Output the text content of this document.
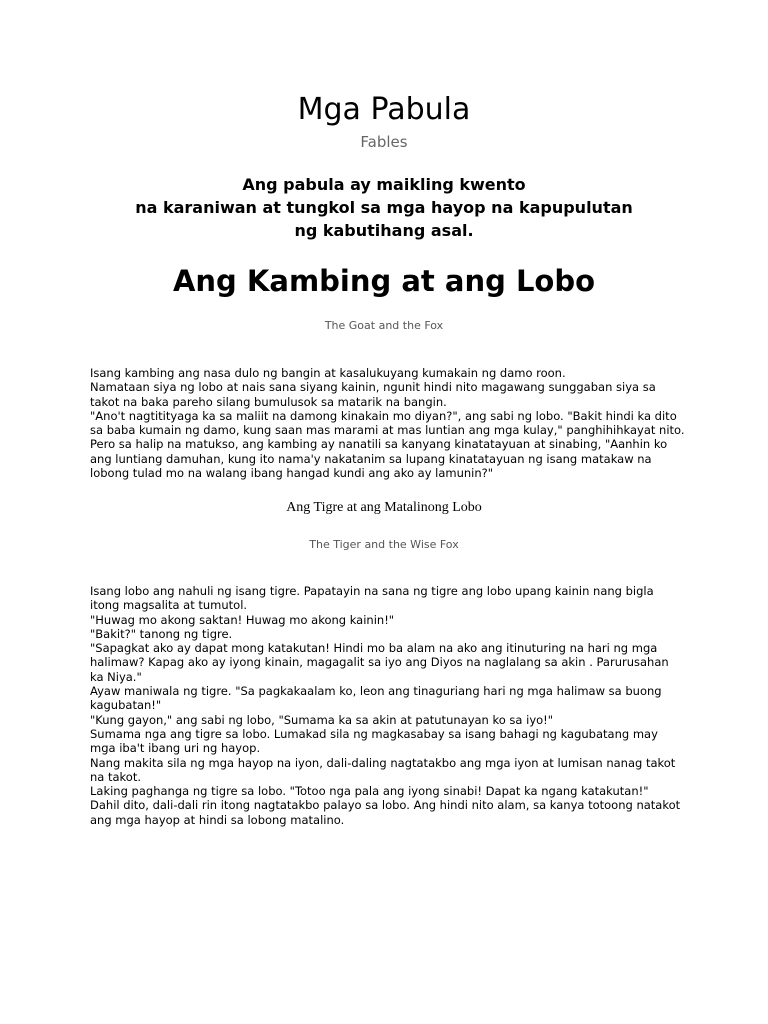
Mga Pabula
Fables
Ang pabula ay maikling kwento
na karaniwan at tungkol sa mga hayop na kapupulutan
ng kabutihang asal.
Ang Kambing at ang Lobo
The Goat and the Fox
Isang kambing ang nasa dulo ng bangin at kasalukuyang kumakain ng damo roon.
Namataan siya ng lobo at nais sana siyang kainin, ngunit hindi nito magawang sunggaban siya sa
takot na baka pareho silang bumulusok sa matarik na bangin.
"Ano't nagtitityaga ka sa maliit na damong kinakain mo diyan?", ang sabi ng lobo. "Bakit hindi ka dito
sa baba kumain ng damo, kung saan mas marami at mas luntian ang mga kulay," panghihihkayat nito.
Pero sa halip na matukso, ang kambing ay nanatili sa kanyang kinatatayuan at sinabing, "Aanhin ko
ang luntiang damuhan, kung ito nama'y nakatanim sa lupang kinatatayuan ng isang matakaw na
lobong tulad mo na walang ibang hangad kundi ang ako ay lamunin?"
Ang Tigre at ang Matalinong Lobo
The Tiger and the Wise Fox
Isang lobo ang nahuli ng isang tigre. Papatayin na sana ng tigre ang lobo upang kainin nang bigla
itong magsalita at tumutol.
"Huwag mo akong saktan! Huwag mo akong kainin!"
"Bakit?" tanong ng tigre.
"Sapagkat ako ay dapat mong katakutan! Hindi mo ba alam na ako ang itinuturing na hari ng mga
halimaw? Kapag ako ay iyong kinain, magagalit sa iyo ang Diyos na naglalang sa akin . Parurusahan
ka Niya."
Ayaw maniwala ng tigre. "Sa pagkakaalam ko, leon ang tinaguriang hari ng mga halimaw sa buong
kagubatan!"
"Kung gayon," ang sabi ng lobo, "Sumama ka sa akin at patutunayan ko sa iyo!"
Sumama nga ang tigre sa lobo. Lumakad sila ng magkasabay sa isang bahagi ng kagubatang may
mga iba't ibang uri ng hayop.
Nang makita sila ng mga hayop na iyon, dali-daling nagtatakbo ang mga iyon at lumisan nanag takot
na takot.
Laking paghanga ng tigre sa lobo. "Totoo nga pala ang iyong sinabi! Dapat ka ngang katakutan!"
Dahil dito, dali-dali rin itong nagtatakbo palayo sa lobo. Ang hindi nito alam, sa kanya totoong natakot
ang mga hayop at hindi sa lobong matalino.
